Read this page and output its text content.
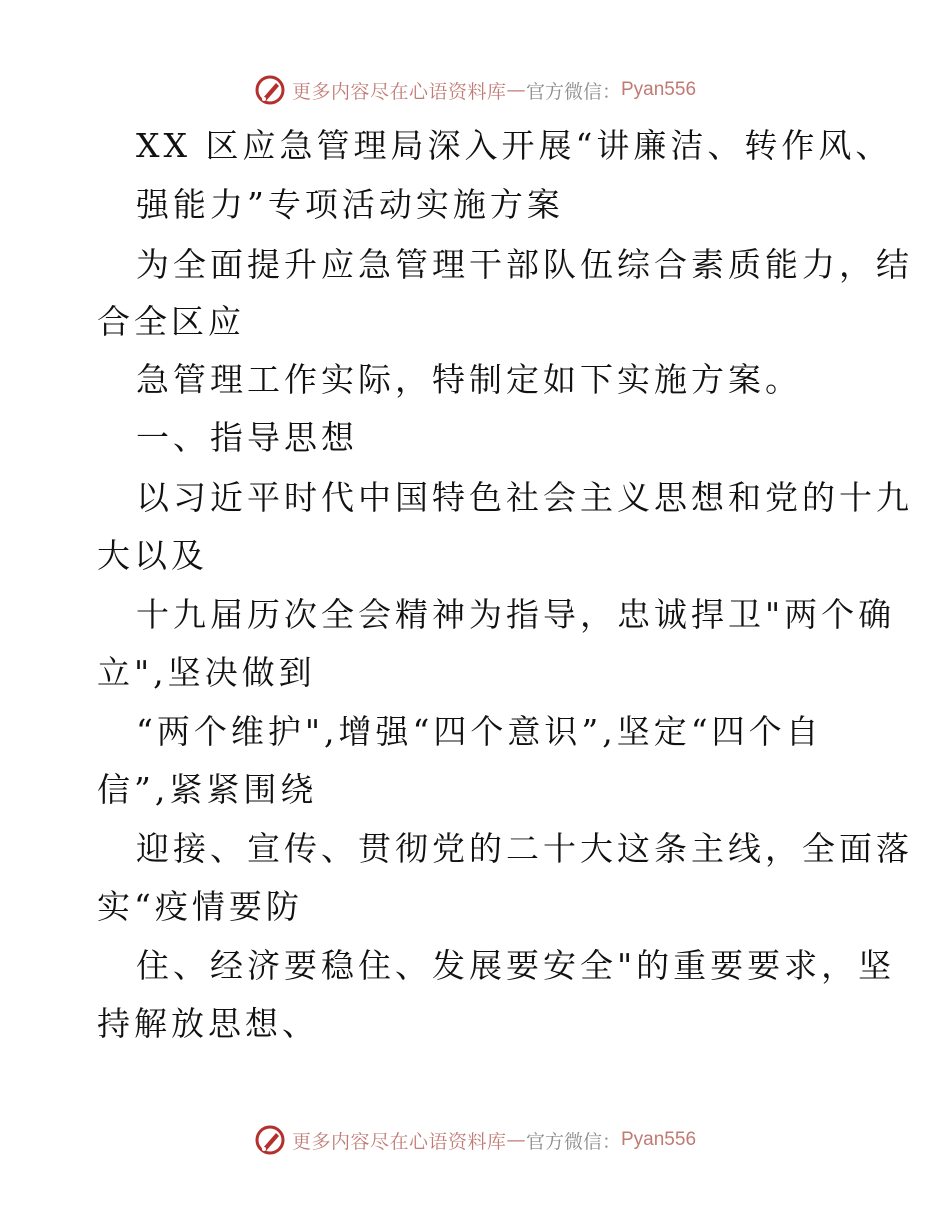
更多内容尽在心语资料库 — 官方微信： Pyan556
XX 区应急管理局深入开展“讲廉洁、转作风、
强能力”专项活动实施方案
为全面提升应急管理干部队伍综合素质能力，结
合全区应
急管理工作实际，特制定如下实施方案。
一、指导思想
以习近平时代中国特色社会主义思想和党的十九
大以及
十九届历次全会精神为指导，忠诚捍卫"两个确
立",坚决做到
“两个维护",增强“四个意识”,坚定“四个自
信”,紧紧围绕
迎接、宣传、贯彻党的二十大这条主线，全面落
实“疫情要防
住、经济要稳住、发展要安全"的重要要求，坚
持解放思想、
更多内容尽在心语资料库 — 官方微信： Pyan556
